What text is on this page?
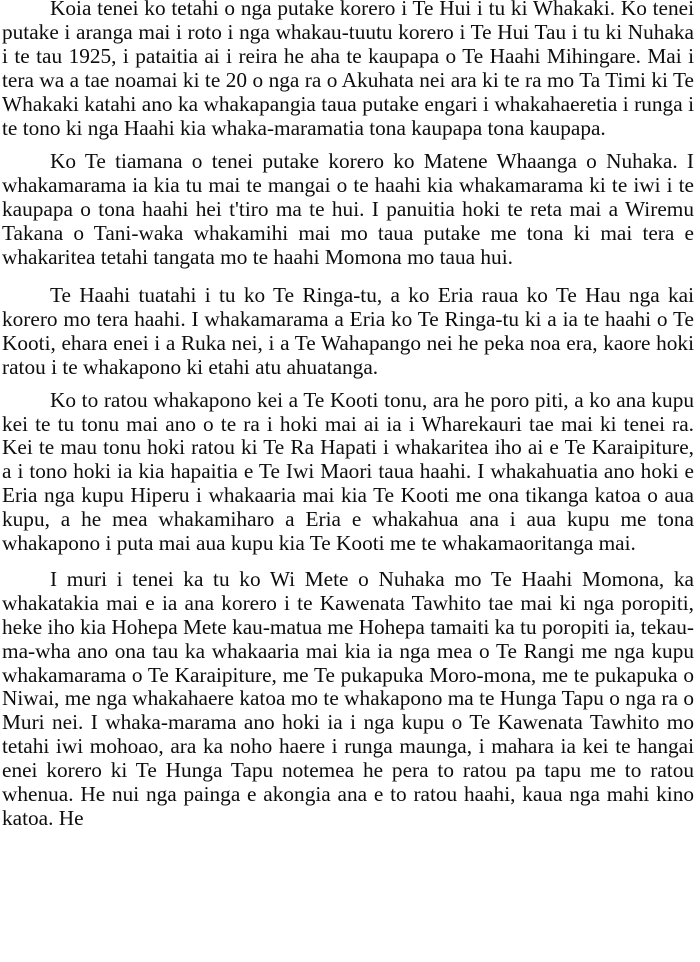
Koia tenei ko tetahi o nga putake korero i Te Hui i tu ki Whakaki. Ko tenei putake i aranga mai i roto i nga whakau-tuutu korero i Te Hui Tau i tu ki Nuhaka i te tau 1925, i pataitia ai i reira he aha te kaupapa o Te Haahi Mihingare. Mai i tera wa a tae noamai ki te 20 o nga ra o Akuhata nei ara ki te ra mo Ta Timi ki Te Whakaki katahi ano ka whakapangia taua putake engari i whakahaeretia i runga i te tono ki nga Haahi kia whaka-maramatia tona kaupapa tona kaupapa.

Ko Te tiamana o tenei putake korero ko Matene Whaanga o Nuhaka. I whakamarama ia kia tu mai te mangai o te haahi kia whakamarama ki te iwi i te kaupapa o tona haahi hei t'tiro ma te hui. I panuitia hoki te reta mai a Wiremu Takana o Tani-waka whakamihi mai mo taua putake me tona ki mai tera e whakaritea tetahi tangata mo te haahi Momona mo taua hui.

Te Haahi tuatahi i tu ko Te Ringa-tu, a ko Eria raua ko Te Hau nga kai korero mo tera haahi. I whakamarama a Eria ko Te Ringa-tu ki a ia te haahi o Te Kooti, ehara enei i a Ruka nei, i a Te Wahapango nei he peka noa era, kaore hoki ratou i te whakapono ki etahi atu ahuatanga.

Ko to ratou whakapono kei a Te Kooti tonu, ara he poro piti, a ko ana kupu kei te tu tonu mai ano o te ra i hoki mai ai ia i Wharekauri tae mai ki tenei ra. Kei te mau tonu hoki ratou ki Te Ra Hapati i whakaritea iho ai e Te Karaipiture, a i tono hoki ia kia hapaitia e Te Iwi Maori taua haahi. I whakahuatia ano hoki e Eria nga kupu Hiperu i whakaaria mai kia Te Kooti me ona tikanga katoa o aua kupu, a he mea whakamiharo a Eria e whakahua ana i aua kupu me tona whakapono i puta mai aua kupu kia Te Kooti me te whakamaoritanga mai.

I muri i tenei ka tu ko Wi Mete o Nuhaka mo Te Haahi Momona, ka whakatakia mai e ia ana korero i te Kawenata Tawhito tae mai ki nga poropiti, heke iho kia Hohepa Mete kau-matua me Hohepa tamaiti ka tu poropiti ia, tekau-ma-wha ano ona tau ka whakaaria mai kia ia nga mea o Te Rangi me nga kupu whakamarama o Te Karaipiture, me Te pukapuka Moro-mona, me te pukapuka o Niwai, me nga whakahaere katoa mo te whakapono ma te Hunga Tapu o nga ra o Muri nei. I whaka-marama ano hoki ia i nga kupu o Te Kawenata Tawhito mo tetahi iwi mohoao, ara ka noho haere i runga maunga, i mahara ia kei te hangai enei korero ki Te Hunga Tapu notemea he pera to ratou pa tapu me to ratou whenua. He nui nga painga e akongia ana e to ratou haahi, kaua nga mahi kino katoa. He
